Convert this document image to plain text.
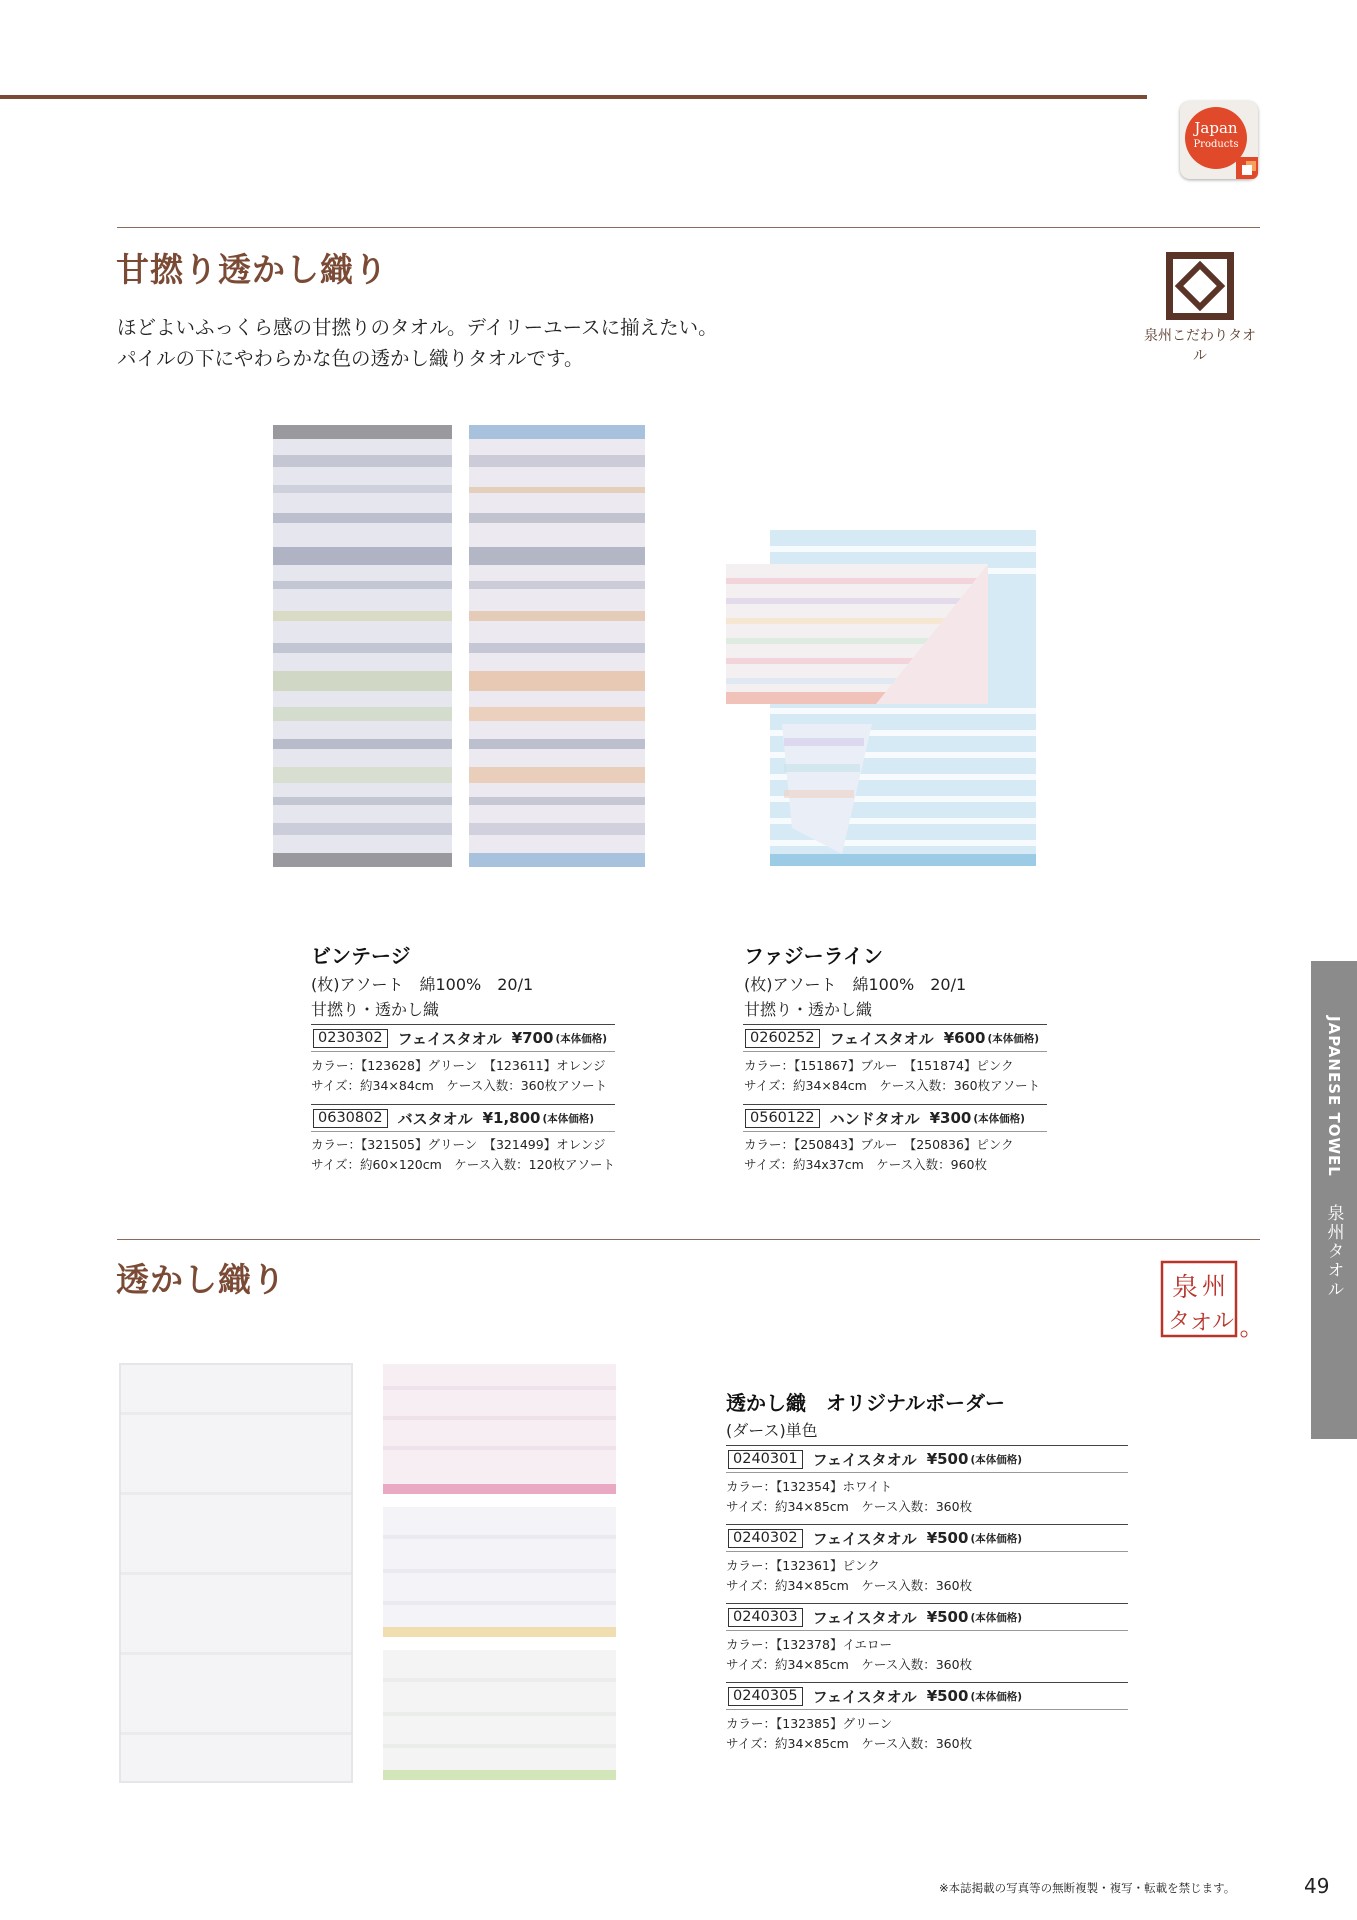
Japan
Products
甘撚り透かし織り
ほどよいふっくら感の甘撚りのタオル。デイリーユースに揃えたい。
パイルの下にやわらかな色の透かし織りタオルです。
泉州こだわりタオル
ビンテージ
(枚)アソート　綿100%　20/1
甘撚り・透かし織
0230302	フェイスタオル ¥700 (本体価格)
カラー：【123628】グリーン　【123611】オレンジ
サイズ：約34×84cm　ケース入数：360枚アソート
0630802	バスタオル ¥1,800 (本体価格)
カラー：【321505】グリーン　【321499】オレンジ
サイズ：約60×120cm　ケース入数：120枚アソート
ファジーライン
(枚)アソート　綿100%　20/1
甘撚り・透かし織
0260252	フェイスタオル ¥600 (本体価格)
カラー：【151867】ブルー　【151874】ピンク
サイズ：約34×84cm　ケース入数：360枚アソート
0560122	ハンドタオル ¥300 (本体価格)
カラー：【250843】ブルー　【250836】ピンク
サイズ：約34x37cm　ケース入数：960枚
透かし織り	泉 州
タ オ ル
透かし織　オリジナルボーダー
(ダース)単色
0240301	フェイスタオル ¥500 (本体価格)
カラー：【132354】ホワイト
サイズ：約34×85cm　ケース入数：360枚
0240302	フェイスタオル ¥500 (本体価格)
カラー：【132361】ピンク
サイズ：約34×85cm　ケース入数：360枚
0240303	フェイスタオル ¥500 (本体価格)
カラー：【132378】イエロー
サイズ：約34×85cm　ケース入数：360枚
0240305	フェイスタオル ¥500 (本体価格)
カラー：【132385】グリーン
サイズ：約34×85cm　ケース入数：360枚
JAPANESE TOWEL
泉州タオル
※本誌掲載の写真等の無断複製・複写・転載を禁じます。	49
